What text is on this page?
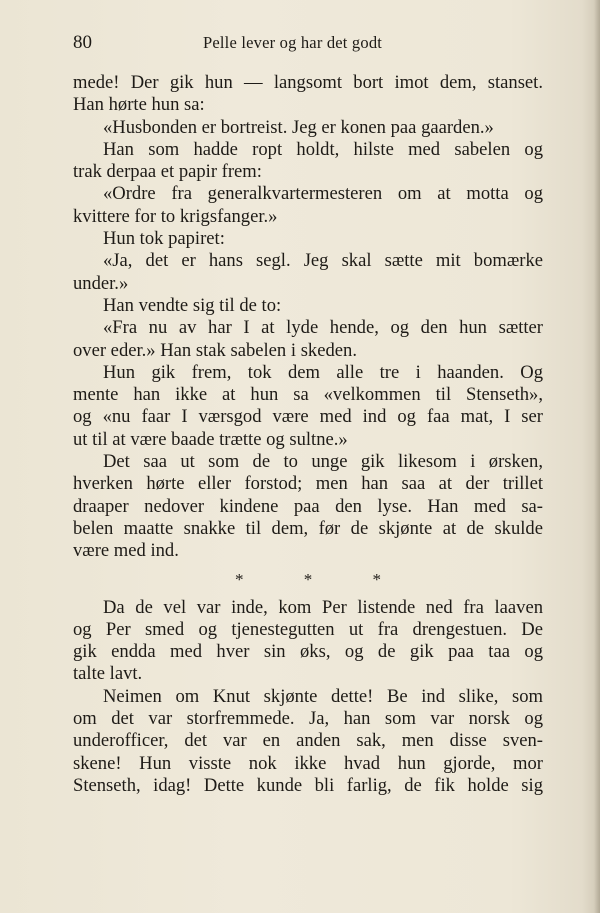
80	Pelle lever og har det godt
mede! Der gik hun — langsomt bort imot dem, stanset.
Han hørte hun sa:
«Husbonden er bortreist. Jeg er konen paa gaarden.»
Han som hadde ropt holdt, hilste med sabelen og
trak derpaa et papir frem:
«Ordre fra generalkvartermesteren om at motta og
kvittere for to krigsfanger.»
Hun tok papiret:
«Ja, det er hans segl. Jeg skal sætte mit bomærke
under.»
Han vendte sig til de to:
«Fra nu av har I at lyde hende, og den hun sætter
over eder.» Han stak sabelen i skeden.
Hun gik frem, tok dem alle tre i haanden. Og
mente han ikke at hun sa «velkommen til Stenseth»,
og «nu faar I værsgod være med ind og faa mat, I ser
ut til at være baade trætte og sultne.»
Det saa ut som de to unge gik likesom i ørsken,
hverken hørte eller forstod; men han saa at der trillet
draaper nedover kindene paa den lyse. Han med sa-
belen maatte snakke til dem, før de skjønte at de skulde
være med ind.
* * *
Da de vel var inde, kom Per listende ned fra laaven
og Per smed og tjenestegutten ut fra drengestuen. De
gik endda med hver sin øks, og de gik paa taa og
talte lavt.
Neimen om Knut skjønte dette! Be ind slike, som
om det var storfremmede. Ja, han som var norsk og
underofficer, det var en anden sak, men disse sven-
skene! Hun visste nok ikke hvad hun gjorde, mor
Stenseth, idag! Dette kunde bli farlig, de fik holde sig
